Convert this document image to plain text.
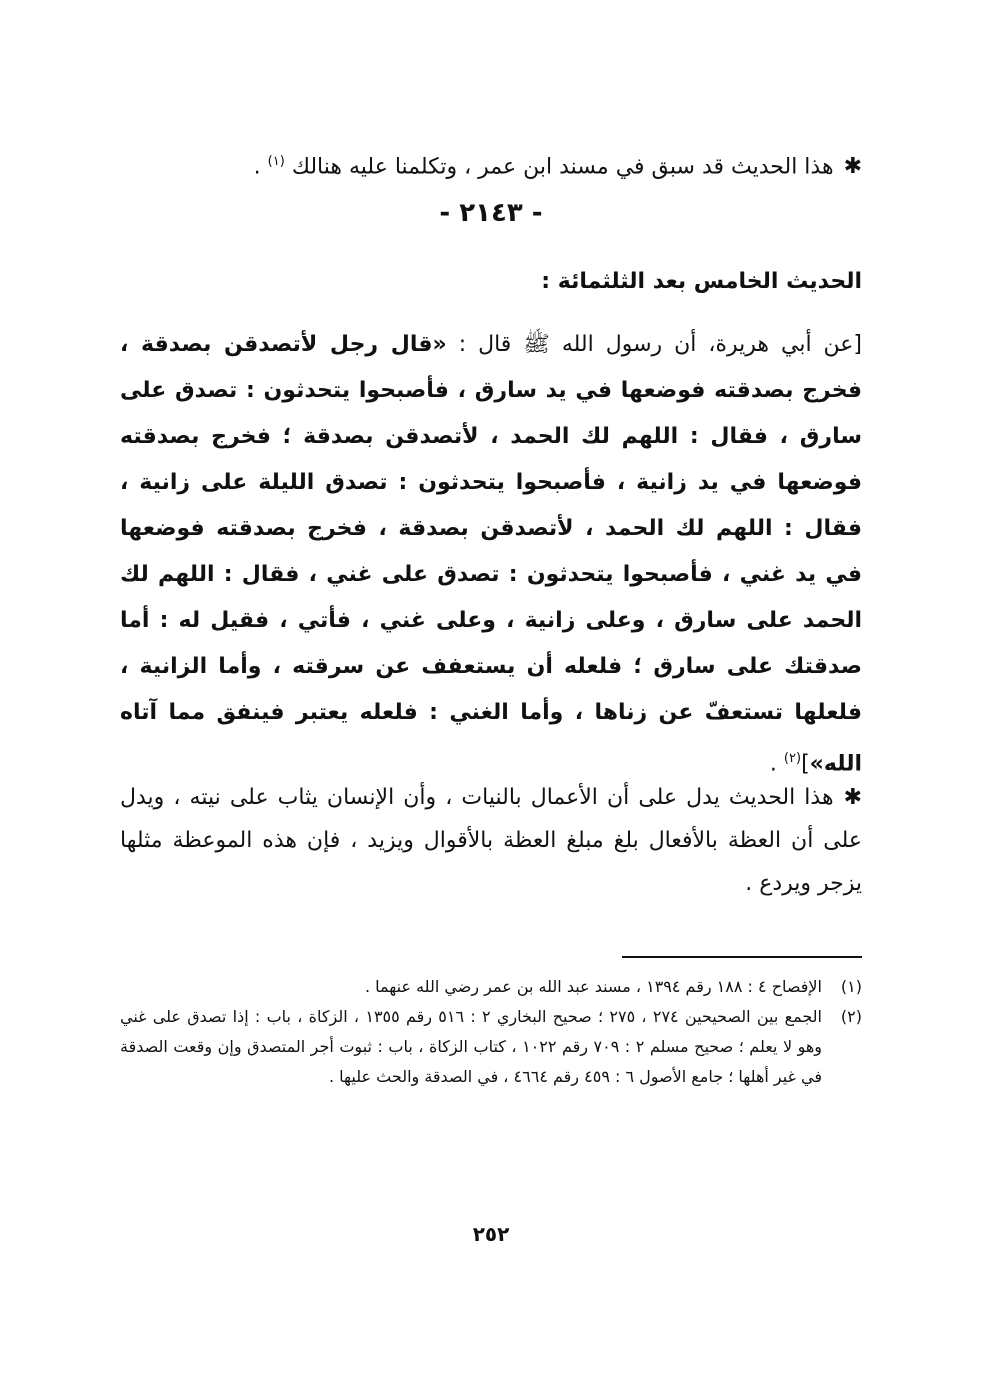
✱هذا الحديث قد سبق في مسند ابن عمر ، وتكلمنا عليه هنالك $^{(١)}$ .

- ٢١٤٣ -
الحديث الخامس بعد الثلثمائة :
[عن أبي هريرة، أن رسول الله ﷺ قال : «قال رجل لأتصدقن بصدقة ، فخرج بصدقته فوضعها في يد سارق ، فأصبحوا يتحدثون : تصدق على سارق ، فقال : اللهم لك الحمد ، لأتصدقن بصدقة ؛ فخرج بصدقته فوضعها في يد زانية ، فأصبحوا يتحدثون : تصدق الليلة على زانية ، فقال : اللهم لك الحمد ، لأتصدقن بصدقة ، فخرج بصدقته فوضعها في يد غني ، فأصبحوا يتحدثون : تصدق على غني ، فقال : اللهم لك الحمد على سارق ، وعلى زانية ، وعلى غني ، فأتي ، فقيل له : أما صدقتك على سارق ؛ فلعله أن يستعفف عن سرقته ، وأما الزانية ، فلعلها تستعفّ عن زناها ، وأما الغني : فلعله يعتبر فينفق مما آتاه الله»]$^{(٢)}$ .

✱هذا الحديث يدل على أن الأعمال بالنيات ، وأن الإنسان يثاب على نيته ، ويدل على أن العظة بالأفعال بلغ مبلغ العظة بالأقوال ويزيد ، فإن هذه الموعظة مثلها يزجر ويردع .

(١)الإفصاح ٤ : ١٨٨ رقم ١٣٩٤ ، مسند عبد الله بن عمر رضي الله عنهما .

(٢)الجمع بين الصحيحين ٢٧٤ ، ٢٧٥ ؛ صحيح البخاري ٢ : ٥١٦ رقم ١٣٥٥ ، الزكاة ، باب : إذا تصدق على غني وهو لا يعلم ؛ صحيح مسلم ٢ : ٧٠٩ رقم ١٠٢٢ ، كتاب الزكاة ، باب : ثبوت أجر المتصدق وإن وقعت الصدقة في غير أهلها ؛ جامع الأصول ٦ : ٤٥٩ رقم ٤٦٦٤ ، في الصدقة والحث عليها .

٢٥٢
